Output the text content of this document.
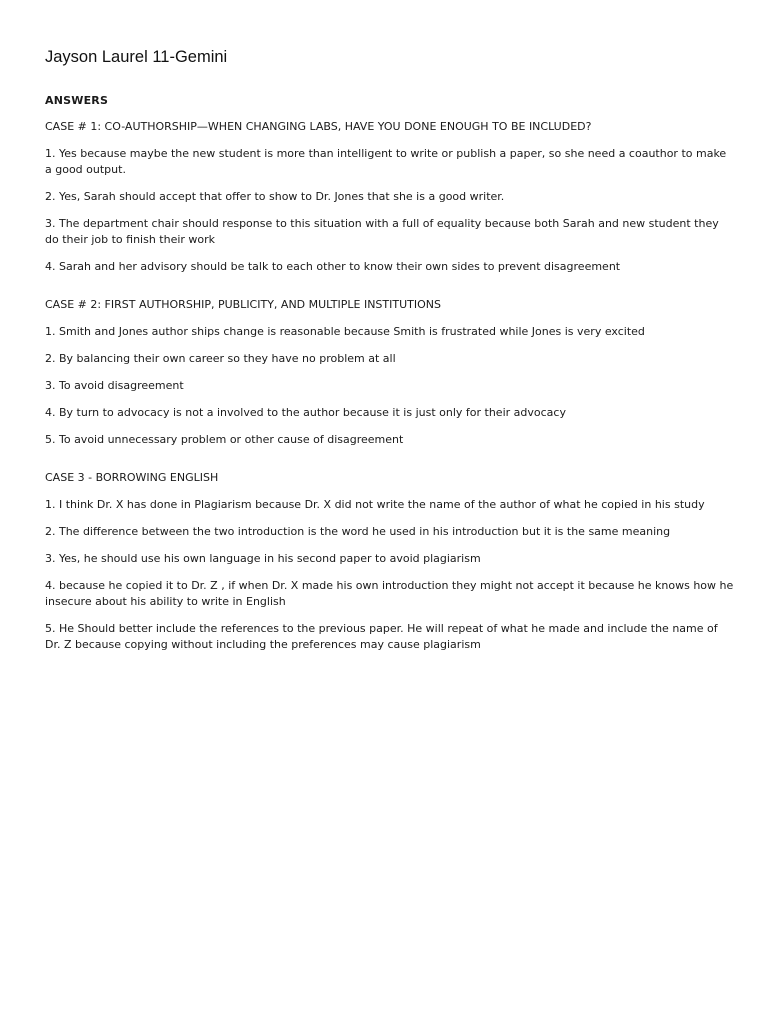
Jayson Laurel 11-Gemini

ANSWERS

CASE # 1: CO-AUTHORSHIP—WHEN CHANGING LABS, HAVE YOU DONE ENOUGH TO BE INCLUDED?

1. Yes because maybe the new student is more than intelligent to write or publish a paper, so she need a coauthor to make a good output.

2. Yes, Sarah should accept that offer to show to Dr. Jones that she is a good writer.

3. The department chair should response to this situation with a full of equality because both Sarah and new student they do their job to finish their work

4. Sarah and her advisory should be talk to each other to know their own sides to prevent disagreement

CASE # 2: FIRST AUTHORSHIP, PUBLICITY, AND MULTIPLE INSTITUTIONS

1. Smith and Jones author ships change is reasonable because Smith is frustrated while Jones is very excited

2. By balancing their own career so they have no problem at all

3. To avoid disagreement

4. By turn to advocacy is not a involved to the author because it is just only for their advocacy

5. To avoid unnecessary problem or other cause of disagreement

CASE 3 - BORROWING ENGLISH

1. I think Dr. X has done in Plagiarism because Dr. X did not write the name of the author of what he copied in his study

2. The difference between the two introduction is the word he used in his introduction but it is the same meaning

3. Yes, he should use his own language in his second paper to avoid plagiarism

4. because he copied it to Dr. Z , if when Dr. X made his own introduction they might not accept it because he knows how he insecure about his ability to write in English

5. He Should better include the references to the previous paper. He will repeat of what he made and include the name of Dr. Z because copying without including the preferences may cause plagiarism
